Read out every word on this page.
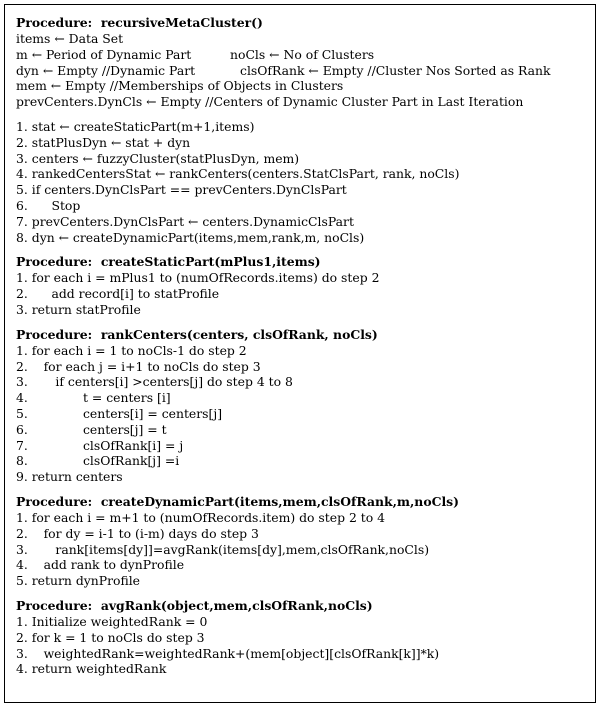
Procedure:  recursiveMetaCluster()
items ← Data Set
m ← Period of Dynamic Part	noCls ← No of Clusters
dyn ← Empty //Dynamic Part	clsOfRank ← Empty //Cluster Nos Sorted as Rank
mem ← Empty //Memberships of Objects in Clusters
prevCenters.DynCls ← Empty //Centers of Dynamic Cluster Part in Last Iteration
1. stat ← createStaticPart(m+1,items)
2. statPlusDyn ← stat + dyn
3. centers ← fuzzyCluster(statPlusDyn, mem)
4. rankedCentersStat ← rankCenters(centers.StatClsPart, rank, noCls)
5. if centers.DynClsPart == prevCenters.DynClsPart
6.      Stop
7. prevCenters.DynClsPart ← centers.DynamicClsPart
8. dyn ← createDynamicPart(items,mem,rank,m, noCls)
Procedure:  createStaticPart(mPlus1,items)
1. for each i = mPlus1 to (numOfRecords.items) do step 2
2.      add record[i] to statProfile
3. return statProfile
Procedure:  rankCenters(centers, clsOfRank, noCls)
1. for each i = 1 to noCls-1 do step 2
2.    for each j = i+1 to noCls do step 3
3.       if centers[i] >centers[j] do step 4 to 8
4.              t = centers [i]
5.              centers[i] = centers[j]
6.              centers[j] = t
7.              clsOfRank[i] = j
8.              clsOfRank[j] =i
9. return centers
Procedure:  createDynamicPart(items,mem,clsOfRank,m,noCls)
1. for each i = m+1 to (numOfRecords.item) do step 2 to 4
2.    for dy = i-1 to (i-m) days do step 3
3.       rank[items[dy]]=avgRank(items[dy],mem,clsOfRank,noCls)
4.    add rank to dynProfile
5. return dynProfile
Procedure:  avgRank(object,mem,clsOfRank,noCls)
1. Initialize weightedRank = 0
2. for k = 1 to noCls do step 3
3.    weightedRank=weightedRank+(mem[object][clsOfRank[k]]*k)
4. return weightedRank
